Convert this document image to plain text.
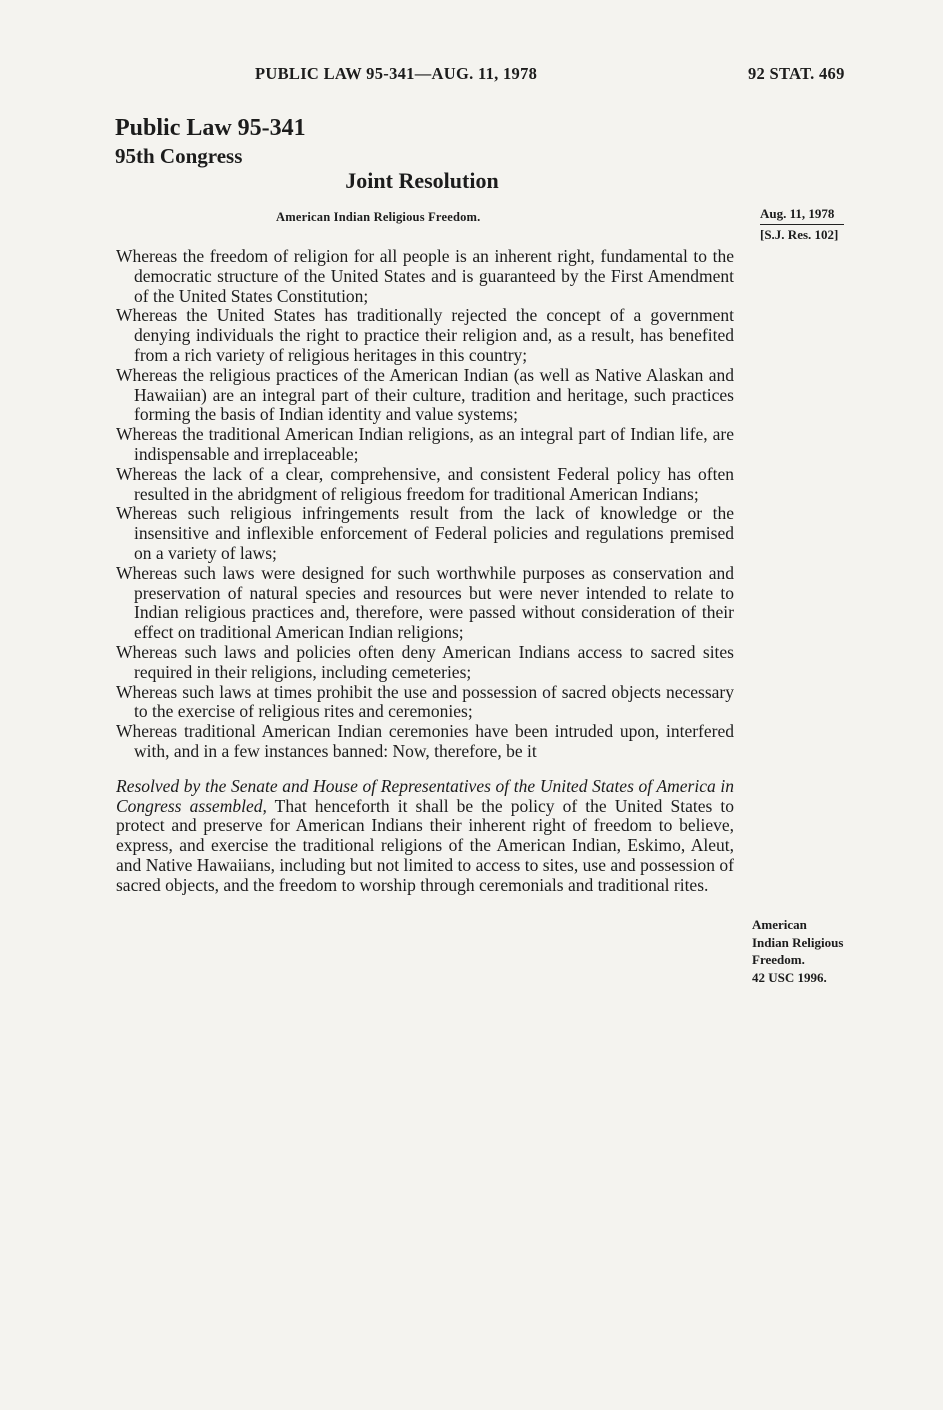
PUBLIC LAW 95-341—AUG. 11, 1978	92 STAT. 469
Public Law 95-341
95th Congress
Joint Resolution
American Indian Religious Freedom.	Aug. 11, 1978
[S.J. Res. 102]

Whereas the freedom of religion for all people is an inherent right, fundamental to the democratic structure of the United States and is guaranteed by the First Amendment of the United States Constitution;

Whereas the United States has traditionally rejected the concept of a government denying individuals the right to practice their religion and, as a result, has benefited from a rich variety of religious heritages in this country;

Whereas the religious practices of the American Indian (as well as Native Alaskan and Hawaiian) are an integral part of their culture, tradition and heritage, such practices forming the basis of Indian identity and value systems;

Whereas the traditional American Indian religions, as an integral part of Indian life, are indispensable and irreplaceable;

Whereas the lack of a clear, comprehensive, and consistent Federal policy has often resulted in the abridgment of religious freedom for traditional American Indians;

Whereas such religious infringements result from the lack of knowledge or the insensitive and inflexible enforcement of Federal policies and regulations premised on a variety of laws;

Whereas such laws were designed for such worthwhile purposes as conservation and preservation of natural species and resources but were never intended to relate to Indian religious practices and, therefore, were passed without consideration of their effect on traditional American Indian religions;

Whereas such laws and policies often deny American Indians access to sacred sites required in their religions, including cemeteries;

Whereas such laws at times prohibit the use and possession of sacred objects necessary to the exercise of religious rites and ceremonies;

Whereas traditional American Indian ceremonies have been intruded upon, interfered with, and in a few instances banned: Now, therefore, be it

Resolved by the Senate and House of Representatives of the United States of America in Congress assembled, That henceforth it shall be the policy of the United States to protect and preserve for American Indians their inherent right of freedom to believe, express, and exercise the traditional religions of the American Indian, Eskimo, Aleut, and Native Hawaiians, including but not limited to access to sites, use and possession of sacred objects, and the freedom to worship through ceremonials and traditional rites.

American
Indian Religious
Freedom.
42 USC 1996.
